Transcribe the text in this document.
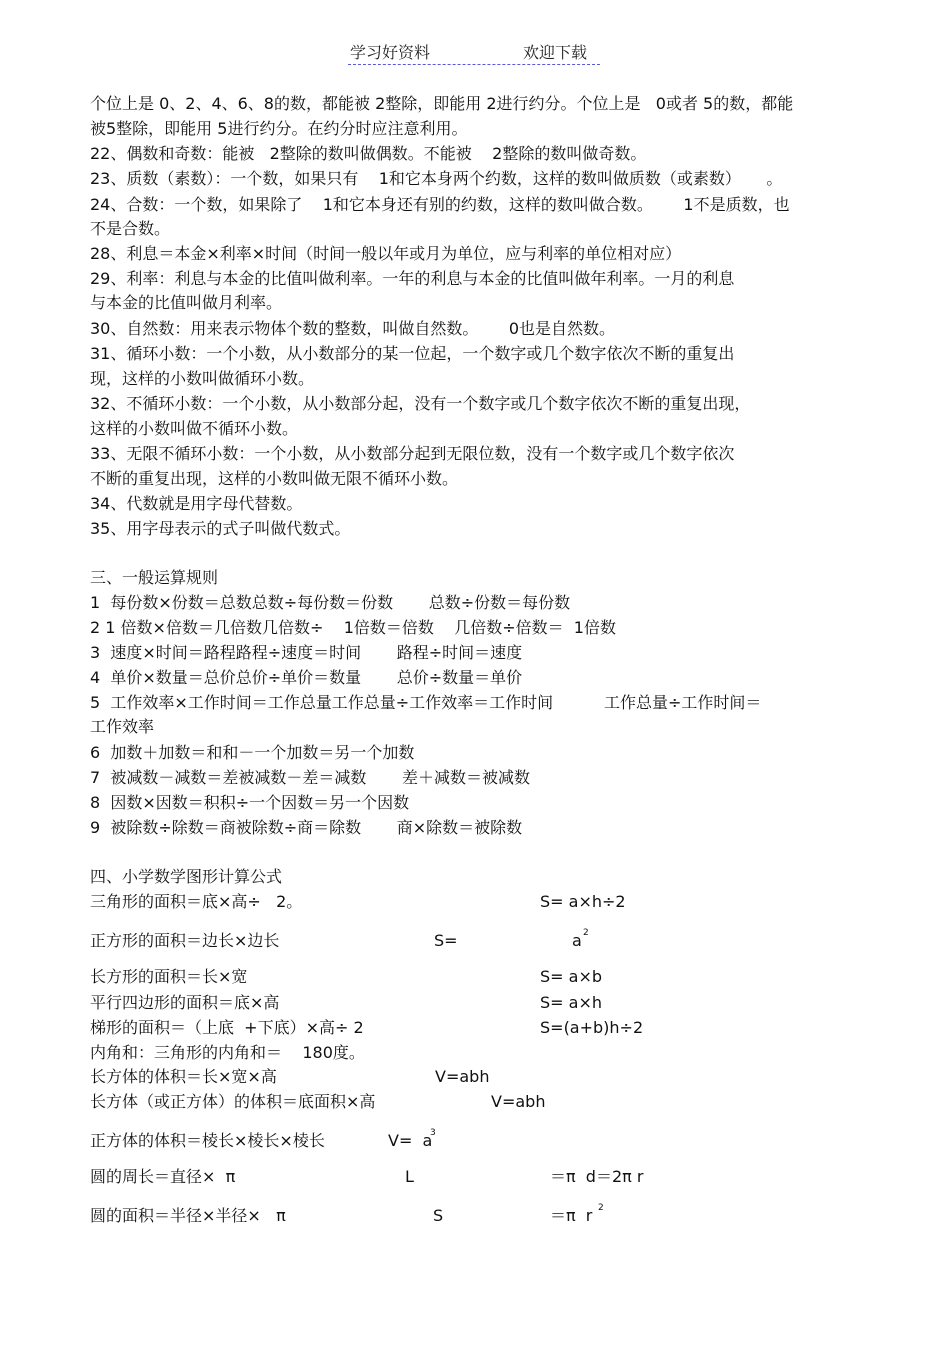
学习好资料	欢迎下载
个位上是 0、2、4、6、8的数，都能被 2整除，即能用 2进行约分。个位上是   0或者 5的数，都能
被5整除，即能用 5进行约分。在约分时应注意利用。
22、偶数和奇数：能被   2整除的数叫做偶数。不能被    2整除的数叫做奇数。
23、质数（素数）：一个数，如果只有    1和它本身两个约数，这样的数叫做质数（或素数）     。
24、合数：一个数，如果除了    1和它本身还有别的约数，这样的数叫做合数。      1不是质数，也
不是合数。
28、利息＝本金×利率×时间（时间一般以年或月为单位，应与利率的单位相对应）
29、利率：利息与本金的比值叫做利率。一年的利息与本金的比值叫做年利率。一月的利息
与本金的比值叫做月利率。
30、自然数：用来表示物体个数的整数，叫做自然数。      0也是自然数。
31、循环小数：一个小数，从小数部分的某一位起，一个数字或几个数字依次不断的重复出
现，这样的小数叫做循环小数。
32、不循环小数：一个小数，从小数部分起，没有一个数字或几个数字依次不断的重复出现，
这样的小数叫做不循环小数。
33、无限不循环小数：一个小数，从小数部分起到无限位数，没有一个数字或几个数字依次
不断的重复出现，这样的小数叫做无限不循环小数。
34、代数就是用字母代替数。
35、用字母表示的式子叫做代数式。
三、一般运算规则
1  每份数×份数＝总数总数÷每份数＝份数       总数÷份数＝每份数
2 1 倍数×倍数＝几倍数几倍数÷    1倍数＝倍数    几倍数÷倍数＝  1倍数
3  速度×时间＝路程路程÷速度＝时间       路程÷时间＝速度
4  单价×数量＝总价总价÷单价＝数量       总价÷数量＝单价
5  工作效率×工作时间＝工作总量工作总量÷工作效率＝工作时间          工作总量÷工作时间＝
工作效率
6  加数＋加数＝和和－一个加数＝另一个加数
7  被减数－减数＝差被减数－差＝减数       差＋减数＝被减数
8  因数×因数＝积积÷一个因数＝另一个因数
9  被除数÷除数＝商被除数÷商＝除数       商×除数＝被除数
四、小学数学图形计算公式
三角形的面积＝底×高÷   2。	S= a×h÷2
正方形的面积＝边长×边长	S=	a 2
长方形的面积＝长×宽	S= a×b
平行四边形的面积＝底×高	S= a×h
梯形的面积＝（上底  +下底）×高÷ 2	S=(a+b)h÷2
内角和：三角形的内角和＝    180度。
长方体的体积＝长×宽×高	V=abh
长方体（或正方体）的体积＝底面积×高	V=abh
正方体的体积＝棱长×棱长×棱长	V=  a
3
圆的周长＝直径×  π	L	＝π  d＝2π r
圆的面积＝半径×半径×   π	S	＝π  r 2
